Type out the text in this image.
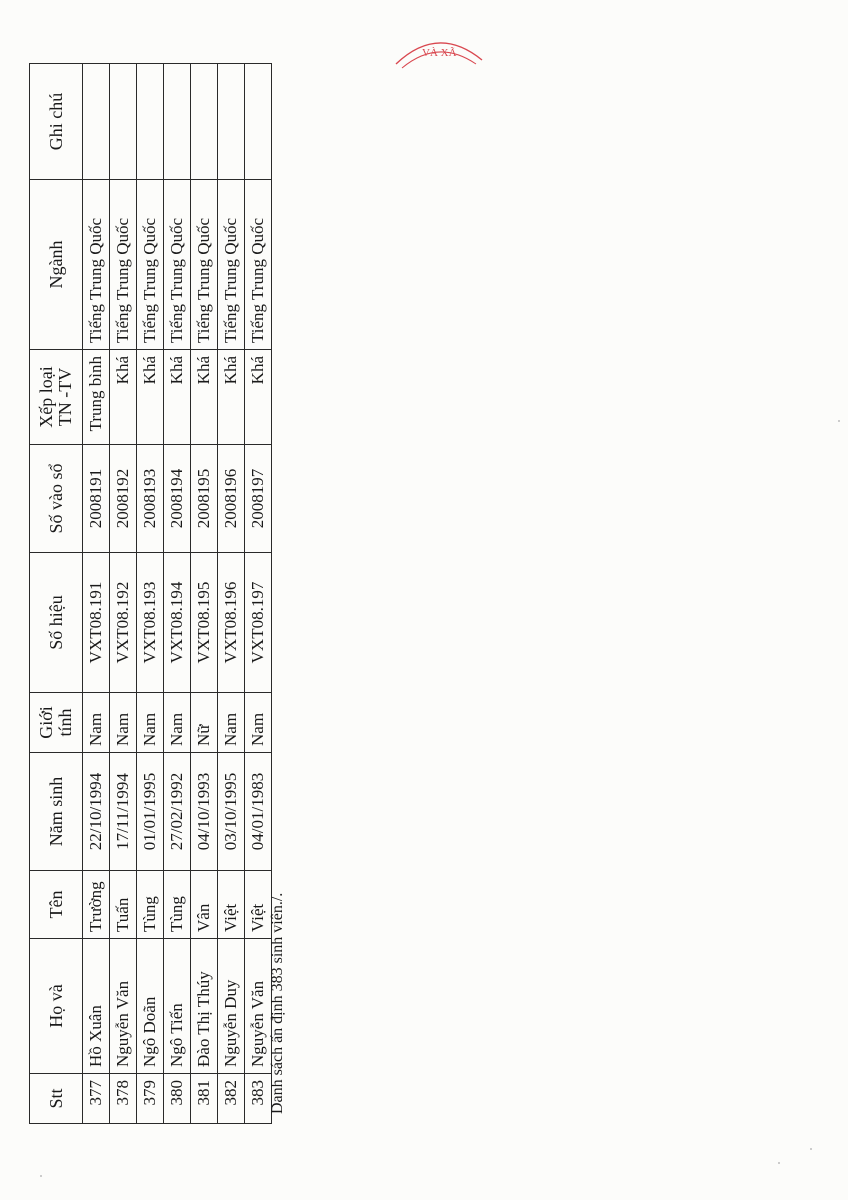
VÀ XÃ
Stt	Họ và	Tên	Năm sinh	Giới tính	Số hiệu	Số vào sổ	Xếp loại TN -TV	Ngành	Ghi chú
377	Hồ Xuân	Trường	22/10/1994	Nam	VXT08.191	2008191	Trung bình	Tiếng Trung Quốc	
378	Nguyễn Văn	Tuấn	17/11/1994	Nam	VXT08.192	2008192	Khá	Tiếng Trung Quốc	
379	Ngô Doãn	Tùng	01/01/1995	Nam	VXT08.193	2008193	Khá	Tiếng Trung Quốc	
380	Ngô Tiến	Tùng	27/02/1992	Nam	VXT08.194	2008194	Khá	Tiếng Trung Quốc	
381	Đào Thị Thúy	Vân	04/10/1993	Nữ	VXT08.195	2008195	Khá	Tiếng Trung Quốc	
382	Nguyễn Duy	Việt	03/10/1995	Nam	VXT08.196	2008196	Khá	Tiếng Trung Quốc	
383	Nguyễn Văn	Việt	04/01/1983	Nam	VXT08.197	2008197	Khá	Tiếng Trung Quốc	
Danh sách ấn định 383 sinh viên./.
